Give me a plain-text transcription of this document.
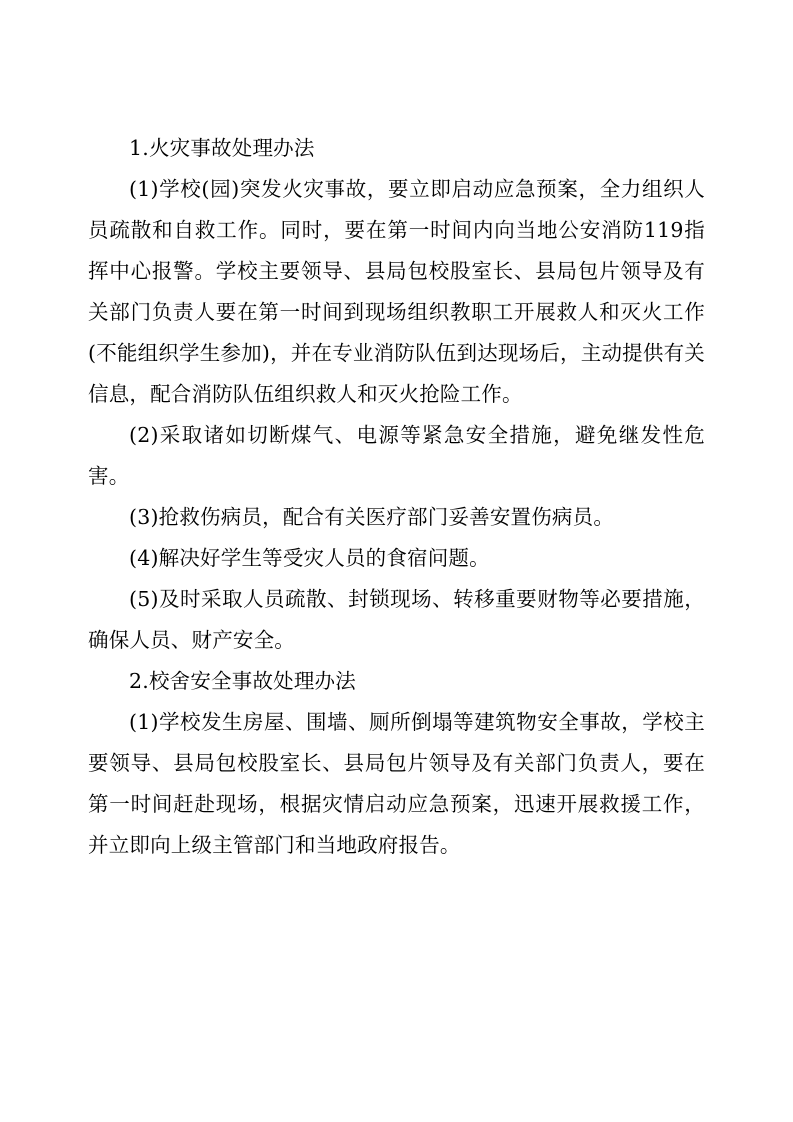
1.火灾事故处理办法

(1)学校(园)突发火灾事故，要立即启动应急预案，全力组织人员疏散和自救工作。同时，要在第一时间内向当地公安消防119指挥中心报警。学校主要领导、县局包校股室长、县局包片领导及有关部门负责人要在第一时间到现场组织教职工开展救人和灭火工作(不能组织学生参加)，并在专业消防队伍到达现场后，主动提供有关信息，配合消防队伍组织救人和灭火抢险工作。

(2)采取诸如切断煤气、电源等紧急安全措施，避免继发性危害。

(3)抢救伤病员，配合有关医疗部门妥善安置伤病员。

(4)解决好学生等受灾人员的食宿问题。

(5)及时采取人员疏散、封锁现场、转移重要财物等必要措施，确保人员、财产安全。

2.校舍安全事故处理办法

(1)学校发生房屋、围墙、厕所倒塌等建筑物安全事故，学校主要领导、县局包校股室长、县局包片领导及有关部门负责人，要在第一时间赶赴现场，根据灾情启动应急预案，迅速开展救援工作，并立即向上级主管部门和当地政府报告。
